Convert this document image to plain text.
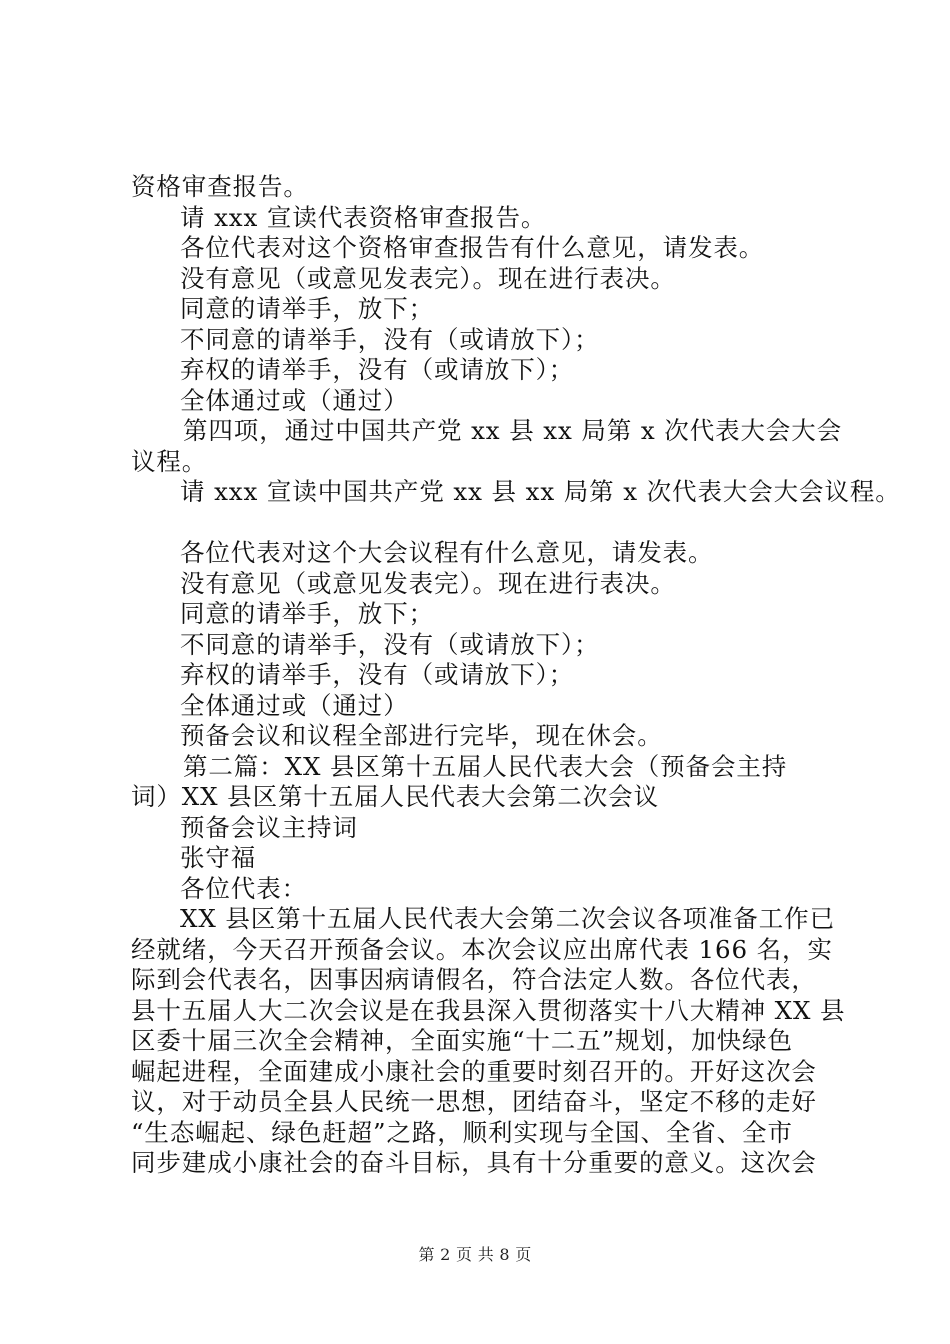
资格审查报告。
请 xxx 宣读代表资格审查报告。
各位代表对这个资格审查报告有什么意见，请发表。
没有意见（或意见发表完）。现在进行表决。
同意的请举手，放下；
不同意的请举手，没有（或请放下）；
弃权的请举手，没有（或请放下）；
全体通过或（通过）
第四项，通过中国共产党 xx 县 xx 局第 x 次代表大会大会
议程。
请 xxx 宣读中国共产党 xx 县 xx 局第 x 次代表大会大会议程。
各位代表对这个大会议程有什么意见，请发表。
没有意见（或意见发表完）。现在进行表决。
同意的请举手，放下；
不同意的请举手，没有（或请放下）；
弃权的请举手，没有（或请放下）；
全体通过或（通过）
预备会议和议程全部进行完毕，现在休会。
第二篇：XX 县区第十五届人民代表大会（预备会主持
词）XX 县区第十五届人民代表大会第二次会议
预备会议主持词
张守福
各位代表：
XX 县区第十五届人民代表大会第二次会议各项准备工作已
经就绪，今天召开预备会议。本次会议应出席代表 166 名，实
际到会代表名，因事因病请假名，符合法定人数。各位代表，
县十五届人大二次会议是在我县深入贯彻落实十八大精神 XX 县
区委十届三次全会精神，全面实施“十二五”规划，加快绿色
崛起进程，全面建成小康社会的重要时刻召开的。开好这次会
议，对于动员全县人民统一思想，团结奋斗，坚定不移的走好
“生态崛起、绿色赶超”之路，顺利实现与全国、全省、全市
同步建成小康社会的奋斗目标，具有十分重要的意义。这次会
第 2 页 共 8 页
